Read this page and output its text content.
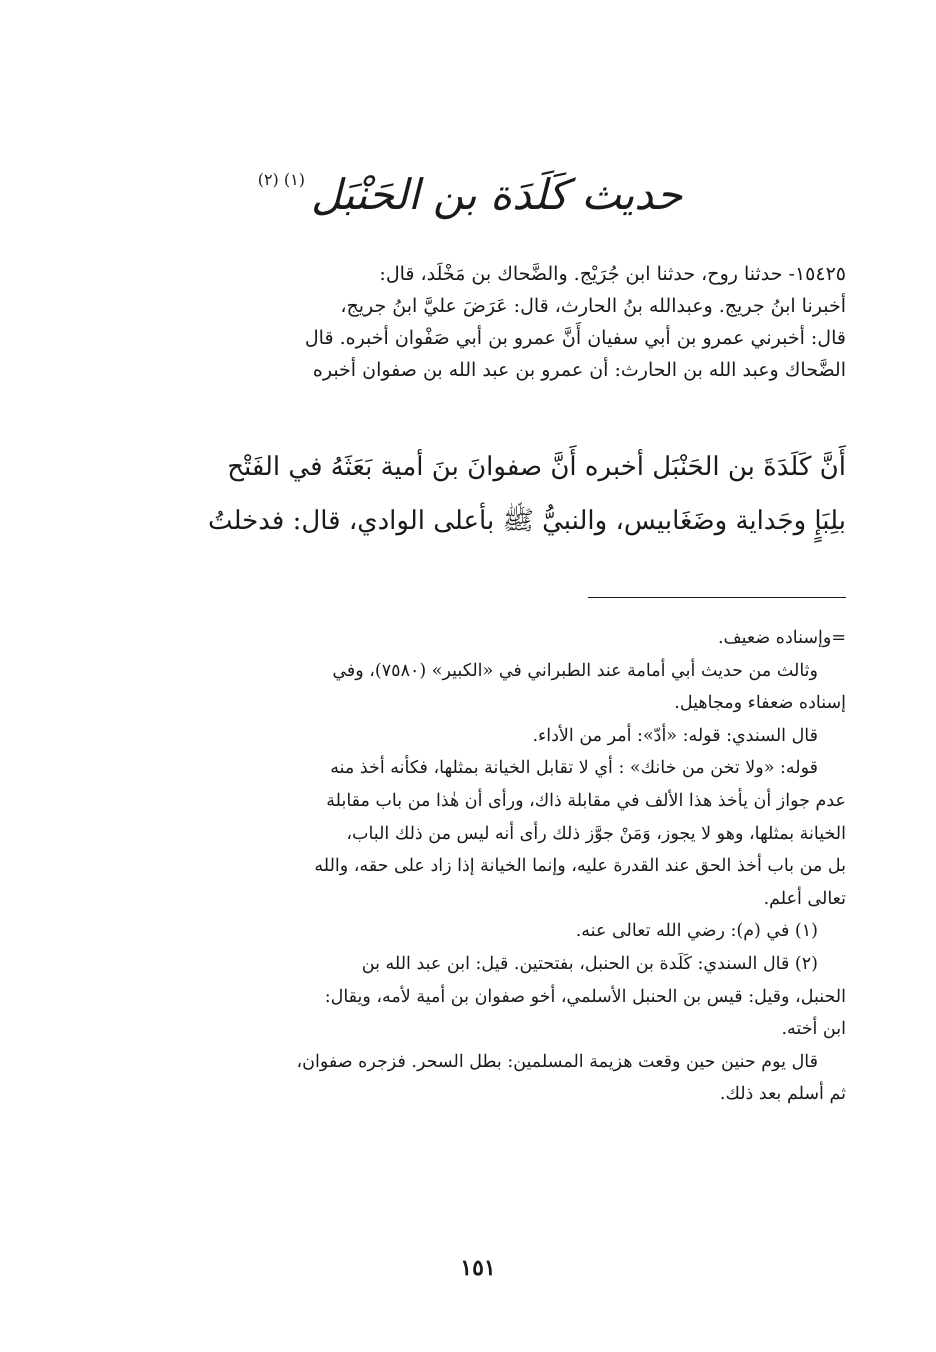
حديث كَلَدَة بن الحَنْبَل
(١) (٢)

١٥٤٢٥- حدثنا روح، حدثنا ابن جُرَيْج. والضَّحاك بن مَخْلَد، قال:

أخبرنا ابنُ جريج. وعبدالله بنُ الحارث، قال: عَرَضَ عليَّ ابنُ جريج،

قال: أخبرني عمرو بن أبي سفيان أَنَّ عمرو بن أبي صَفْوان أخبره. قال

الضَّحاك وعبد الله بن الحارث: أن عمرو بن عبد الله بن صفوان أخبره

أَنَّ كَلَدَةَ بن الحَنْبَل أخبره أَنَّ صفوانَ بنَ أمية بَعَثَهُ في الفَتْح

بلِبَإٍ وجَداية وضَغَابيس، والنبيُّ ﷺ بأعلى الوادي، قال: فدخلتُ

=وإسناده ضعيف.

وثالث من حديث أبي أمامة عند الطبراني في «الكبير» (٧٥٨٠)، وفي

إسناده ضعفاء ومجاهيل.

قال السندي: قوله: «أدّ»: أمر من الأداء.

قوله: «ولا تخن من خانك» : أي لا تقابل الخيانة بمثلها، فكأنه أخذ منه

عدم جواز أن يأخذ هذا الألف في مقابلة ذاك، ورأى أن هٰذا من باب مقابلة

الخيانة بمثلها، وهو لا يجوز، وَمَنْ جوَّز ذلك رأى أنه ليس من ذلك الباب،

بل من باب أخذ الحق عند القدرة عليه، وإنما الخيانة إذا زاد على حقه، والله

تعالى أعلم.

(١) في (م): رضي الله تعالى عنه.

(٢) قال السندي: كَلَدة بن الحنبل، بفتحتين. قيل: ابن عبد الله بن

الحنبل، وقيل: قيس بن الحنبل الأسلمي، أخو صفوان بن أمية لأمه، ويقال:

ابن أخته.

قال يوم حنين حين وقعت هزيمة المسلمين: بطل السحر. فزجره صفوان،

ثم أسلم بعد ذلك.

١٥١
